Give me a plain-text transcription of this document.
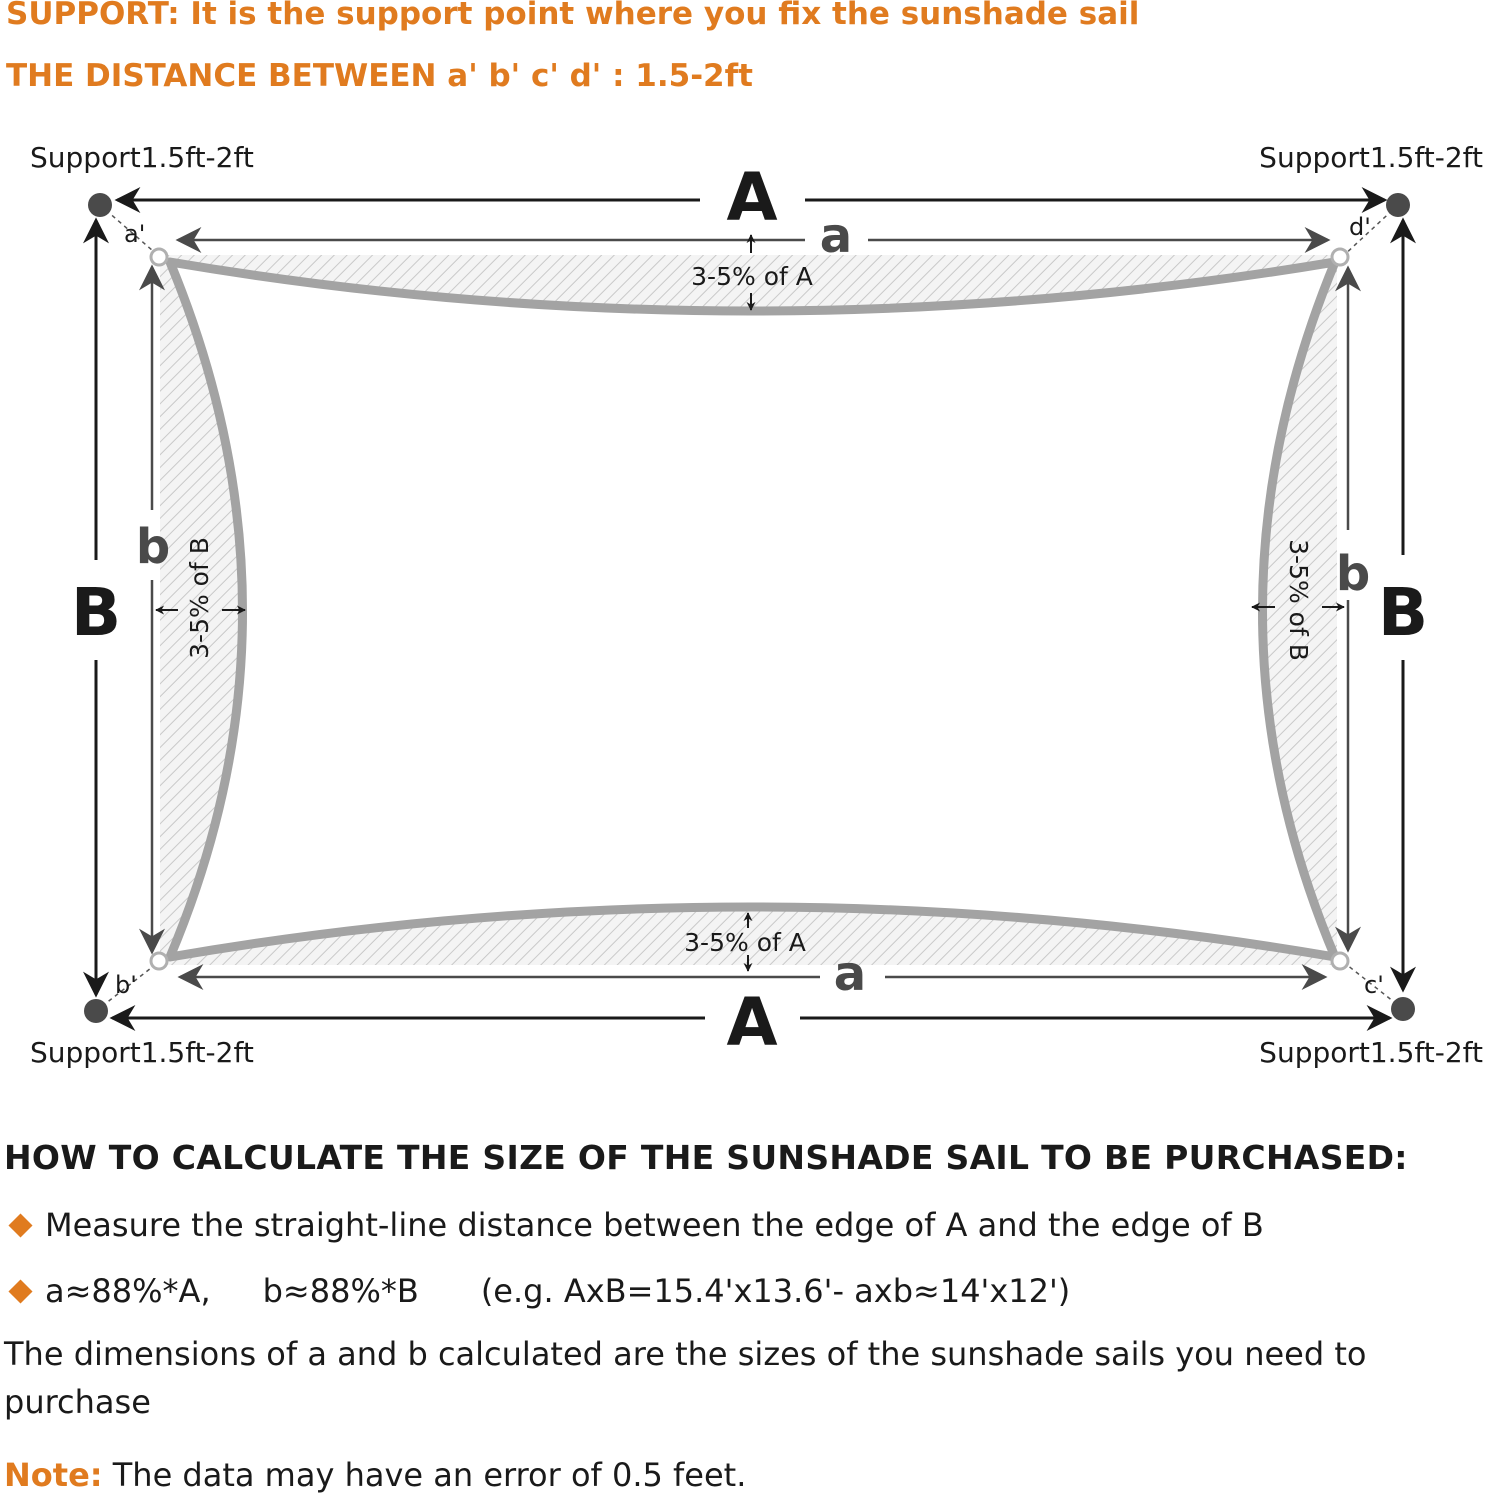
SUPPORT: It is the support point where you fix the sunshade sail
THE DISTANCE BETWEEN a' b' c' d' : 1.5-2ft
A a
a
A
B
b
B
b
3-5% of A
3-5% of A
3-5% of B	3-5% of B
a'	d'
b'	c'
Support1.5ft-2ft	Support1.5ft-2ft
Support1.5ft-2ft	Support1.5ft-2ft
HOW TO CALCULATE THE SIZE OF THE SUNSHADE SAIL TO BE PURCHASED:
Measure the straight-line distance between the edge of A and the edge of B
a≈88%*A, b≈88%*B (e.g. AxB=15.4'x13.6'- axb≈14'x12')
The dimensions of a and b calculated are the sizes of the sunshade sails you need to purchase
Note: The data may have an error of 0.5 feet.
